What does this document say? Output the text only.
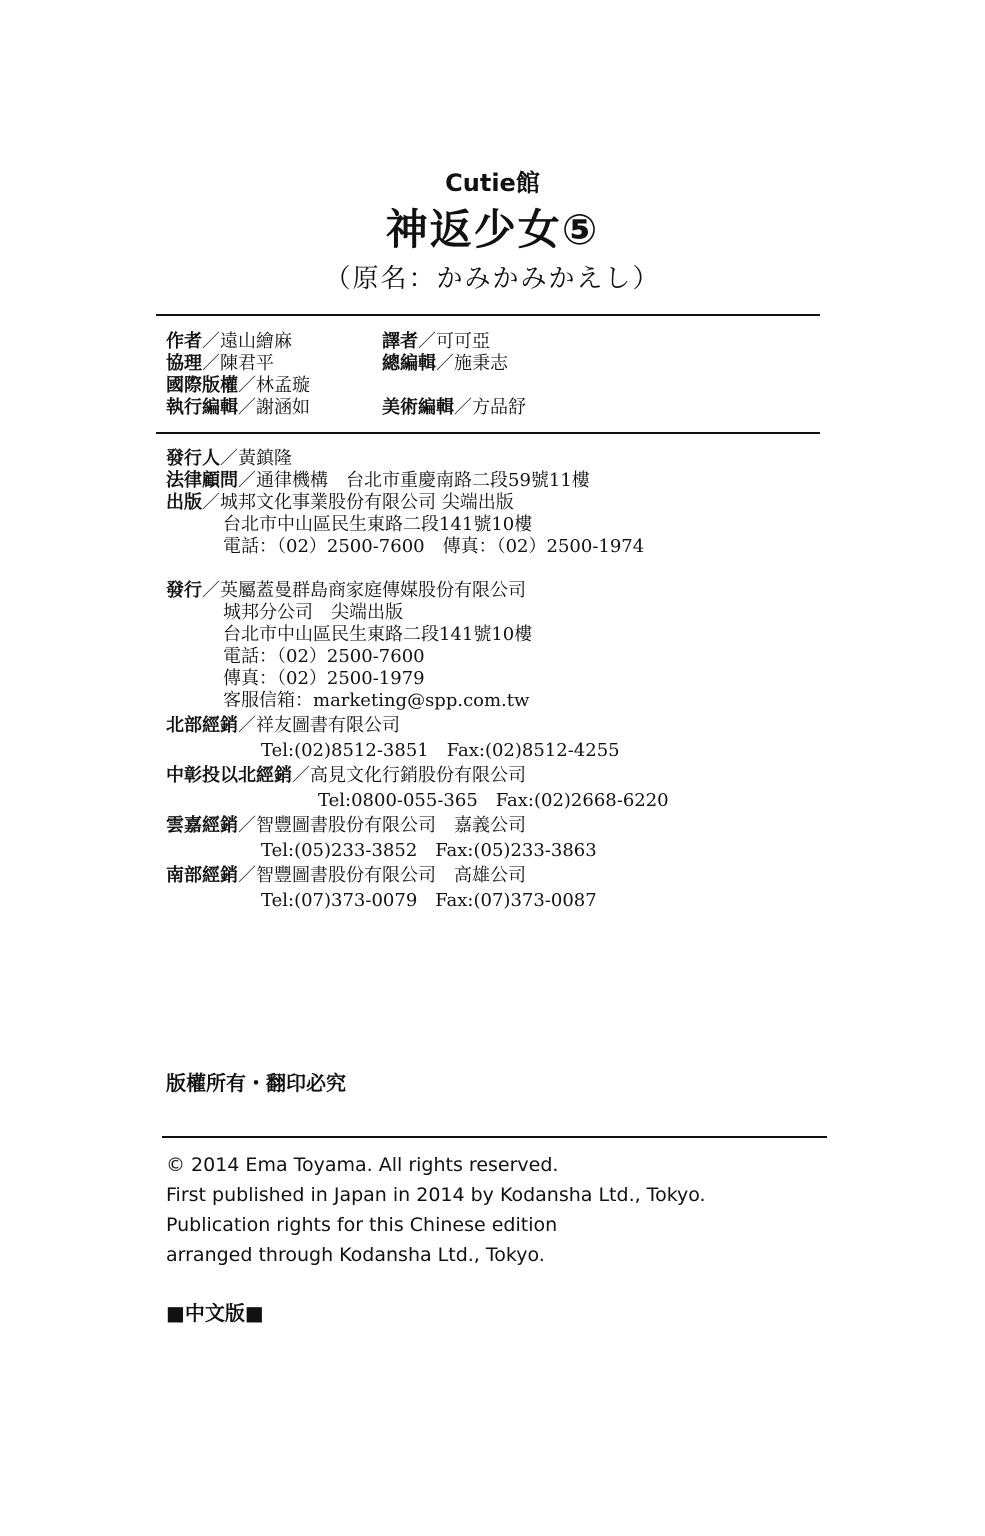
Cutie館
神返少女⑤
（原名：かみかみかえし）
作者／遠山繪麻	譯者／可可亞
協理／陳君平	總編輯／施秉志
國際版權／林孟璇
執行編輯／謝涵如	美術編輯／方品舒
發行人／黃鎮隆
法律顧問／通律機構　台北市重慶南路二段59號11樓
出版／城邦文化事業股份有限公司 尖端出版
台北市中山區民生東路二段141號10樓
電話：（02）2500-7600　傳真：（02）2500-1974
發行／英屬蓋曼群島商家庭傳媒股份有限公司
城邦分公司　尖端出版
台北市中山區民生東路二段141號10樓
電話：（02）2500-7600
傳真：（02）2500-1979
客服信箱：marketing@spp.com.tw
北部經銷／祥友圖書有限公司
Tel:(02)8512-3851　Fax:(02)8512-4255
中彰投以北經銷／高見文化行銷股份有限公司
Tel:0800-055-365　Fax:(02)2668-6220
雲嘉經銷／智豐圖書股份有限公司　嘉義公司
Tel:(05)233-3852　Fax:(05)233-3863
南部經銷／智豐圖書股份有限公司　高雄公司
Tel:(07)373-0079　Fax:(07)373-0087
版權所有・翻印必究
© 2014 Ema Toyama. All rights reserved.
First published in Japan in 2014 by Kodansha Ltd., Tokyo.
Publication rights for this Chinese edition
arranged through Kodansha Ltd., Tokyo.
■中文版■
